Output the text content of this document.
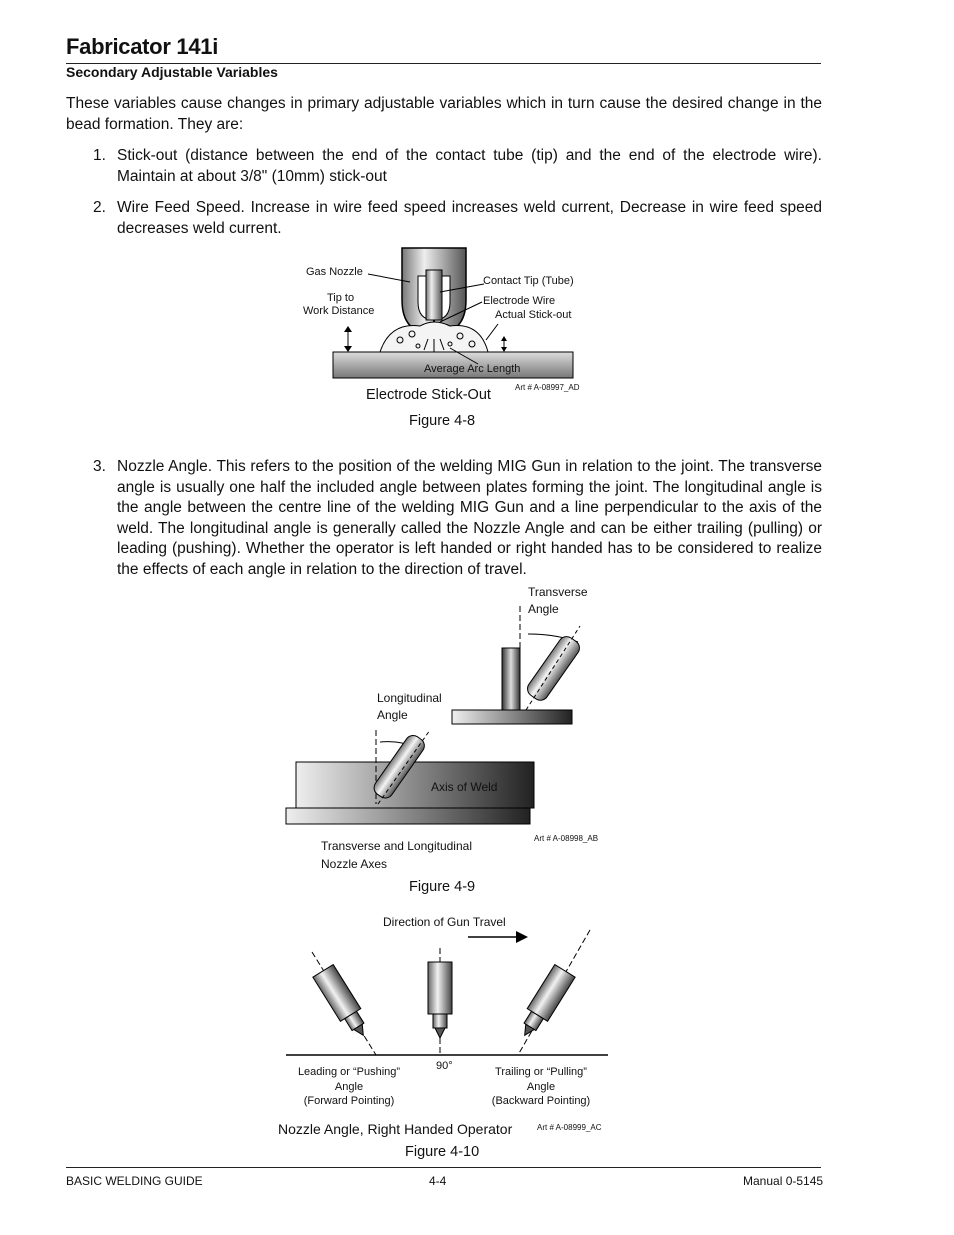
Fabricator 141i
Secondary Adjustable Variables
These variables cause changes in primary adjustable variables which in turn cause the desired change in the bead formation. They are:
1. Stick-out (distance between the end of the contact tube (tip) and the end of the electrode wire). Maintain at about 3/8" (10mm) stick-out
2. Wire Feed Speed. Increase in wire feed speed increases weld current, Decrease in wire feed speed decreases weld current.
Gas Nozzle
Contact Tip (Tube)
Tip to
Work Distance
Electrode Wire
Actual Stick-out
Average Arc Length
Art # A-08997_AD
Electrode Stick-Out
Figure 4-8
3. Nozzle Angle. This refers to the position of the welding MIG Gun in relation to the joint. The transverse angle is usually one half the included angle between plates forming the joint. The longitudinal angle is the angle between the centre line of the welding MIG Gun and a line perpendicular to the axis of the weld. The longitudinal angle is generally called the Nozzle Angle and can be either trailing (pulling) or leading (pushing). Whether the operator is left handed or right handed has to be considered to realize the effects of each angle in relation to the direction of travel.
Transverse
Angle
Longitudinal
Angle
Axis of Weld
Transverse and Longitudinal
Nozzle Axes
Art # A-08998_AB
Figure 4-9
Direction of Gun Travel
90°
Leading or “Pushing”
Angle
(Forward Pointing)
Trailing or “Pulling”
Angle
(Backward Pointing)
Art # A-08999_AC
Nozzle Angle, Right Handed Operator
Figure 4-10
BASIC WELDING GUIDE	4-4	Manual 0-5145
